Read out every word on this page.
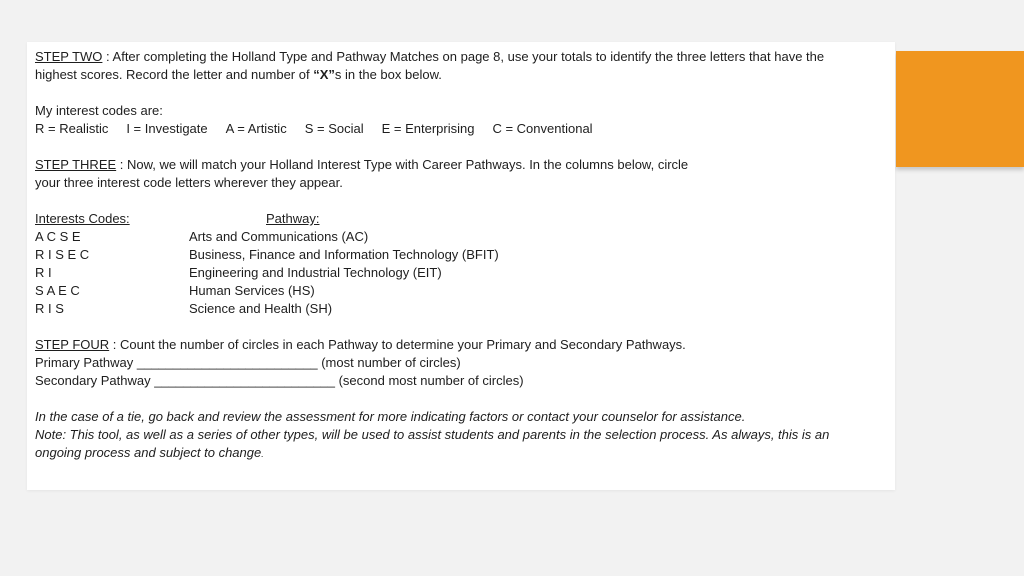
STEP TWO : After completing the Holland Type and Pathway Matches on page 8, use your totals to identify the three letters that have the
highest scores. Record the letter and number of “X”s in the box below.
My interest codes are:
R = Realistic I = Investigate A = Artistic S = Social E = Enterprising C = Conventional
STEP THREE : Now, we will match your Holland Interest Type with Career Pathways. In the columns below, circle
your three interest code letters wherever they appear.
Interests Codes:	Pathway:
A C S E	Arts and Communications (AC)
R I S E C	Business, Finance and Information Technology (BFIT)
R I	Engineering and Industrial Technology (EIT)
S A E C	Human Services (HS)
R I S	Science and Health (SH)
STEP FOUR : Count the number of circles in each Pathway to determine your Primary and Secondary Pathways.
Primary Pathway _________________________ (most number of circles)
Secondary Pathway _________________________ (second most number of circles)
In the case of a tie, go back and review the assessment for more indicating factors or contact your counselor for assistance.
Note: This tool, as well as a series of other types, will be used to assist students and parents in the selection process. As always, this is an
ongoing process and subject to change.
